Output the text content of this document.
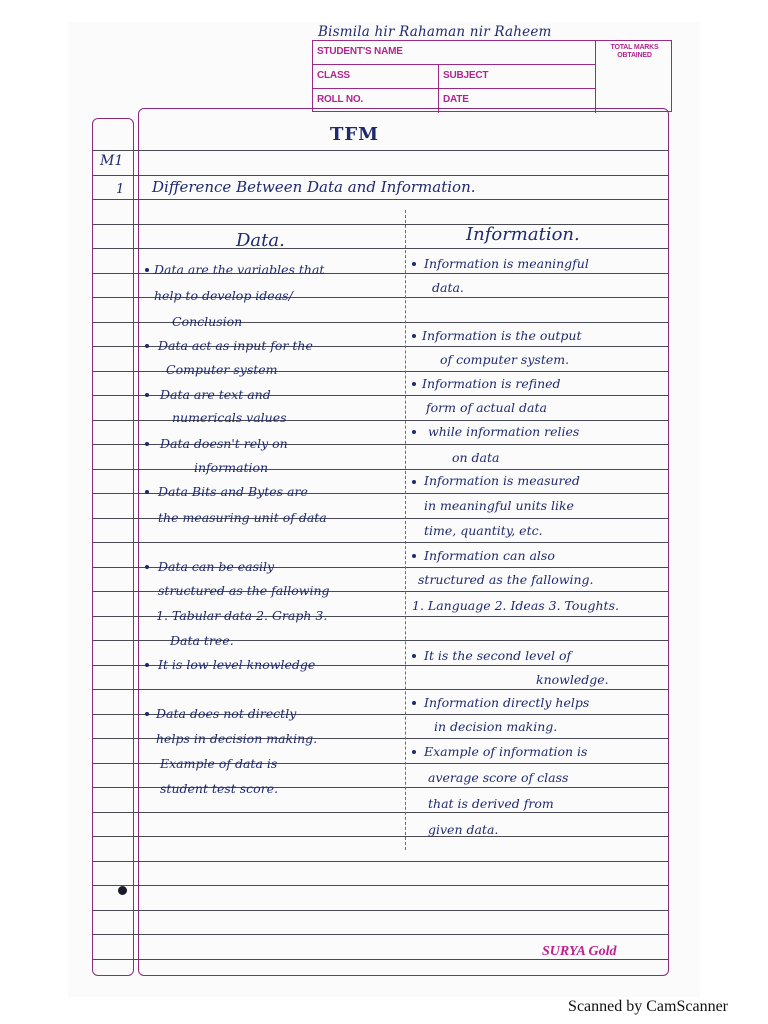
Bismila hir Rahaman nir Raheem
STUDENT'S NAME
CLASS	SUBJECT
ROLL NO.	DATE
TOTAL MARKS OBTAINED
TFM
M1
1 Difference Between Data and Information.
Data.	Information.
Data are the variables that
help to develop ideas/
Conclusion
Data act as input for the
Computer system
Data are text and
numericals values
Data doesn't rely on
information
Data Bits and Bytes are
the measuring unit of data
Data can be easily
structured as the fallowing
1. Tabular data 2. Graph 3.
Data tree.
It is low-level knowledge
Data does not directly
helps in decision making.
Example of data is
student test score.
Information is meaningful
data.
Information is the output
of computer system.
Information is refined
form of actual data
while information relies
on data
Information is measured
in meaningful units like
time, quantity, etc.
Information can also
structured as the fallowing.
1. Language 2. Ideas 3. Toughts.
It is the second level of
knowledge.
Information directly helps
in decision making.
Example of information is
average score of class
that is derived from
given data.
SURYA Gold
Scanned by CamScanner
